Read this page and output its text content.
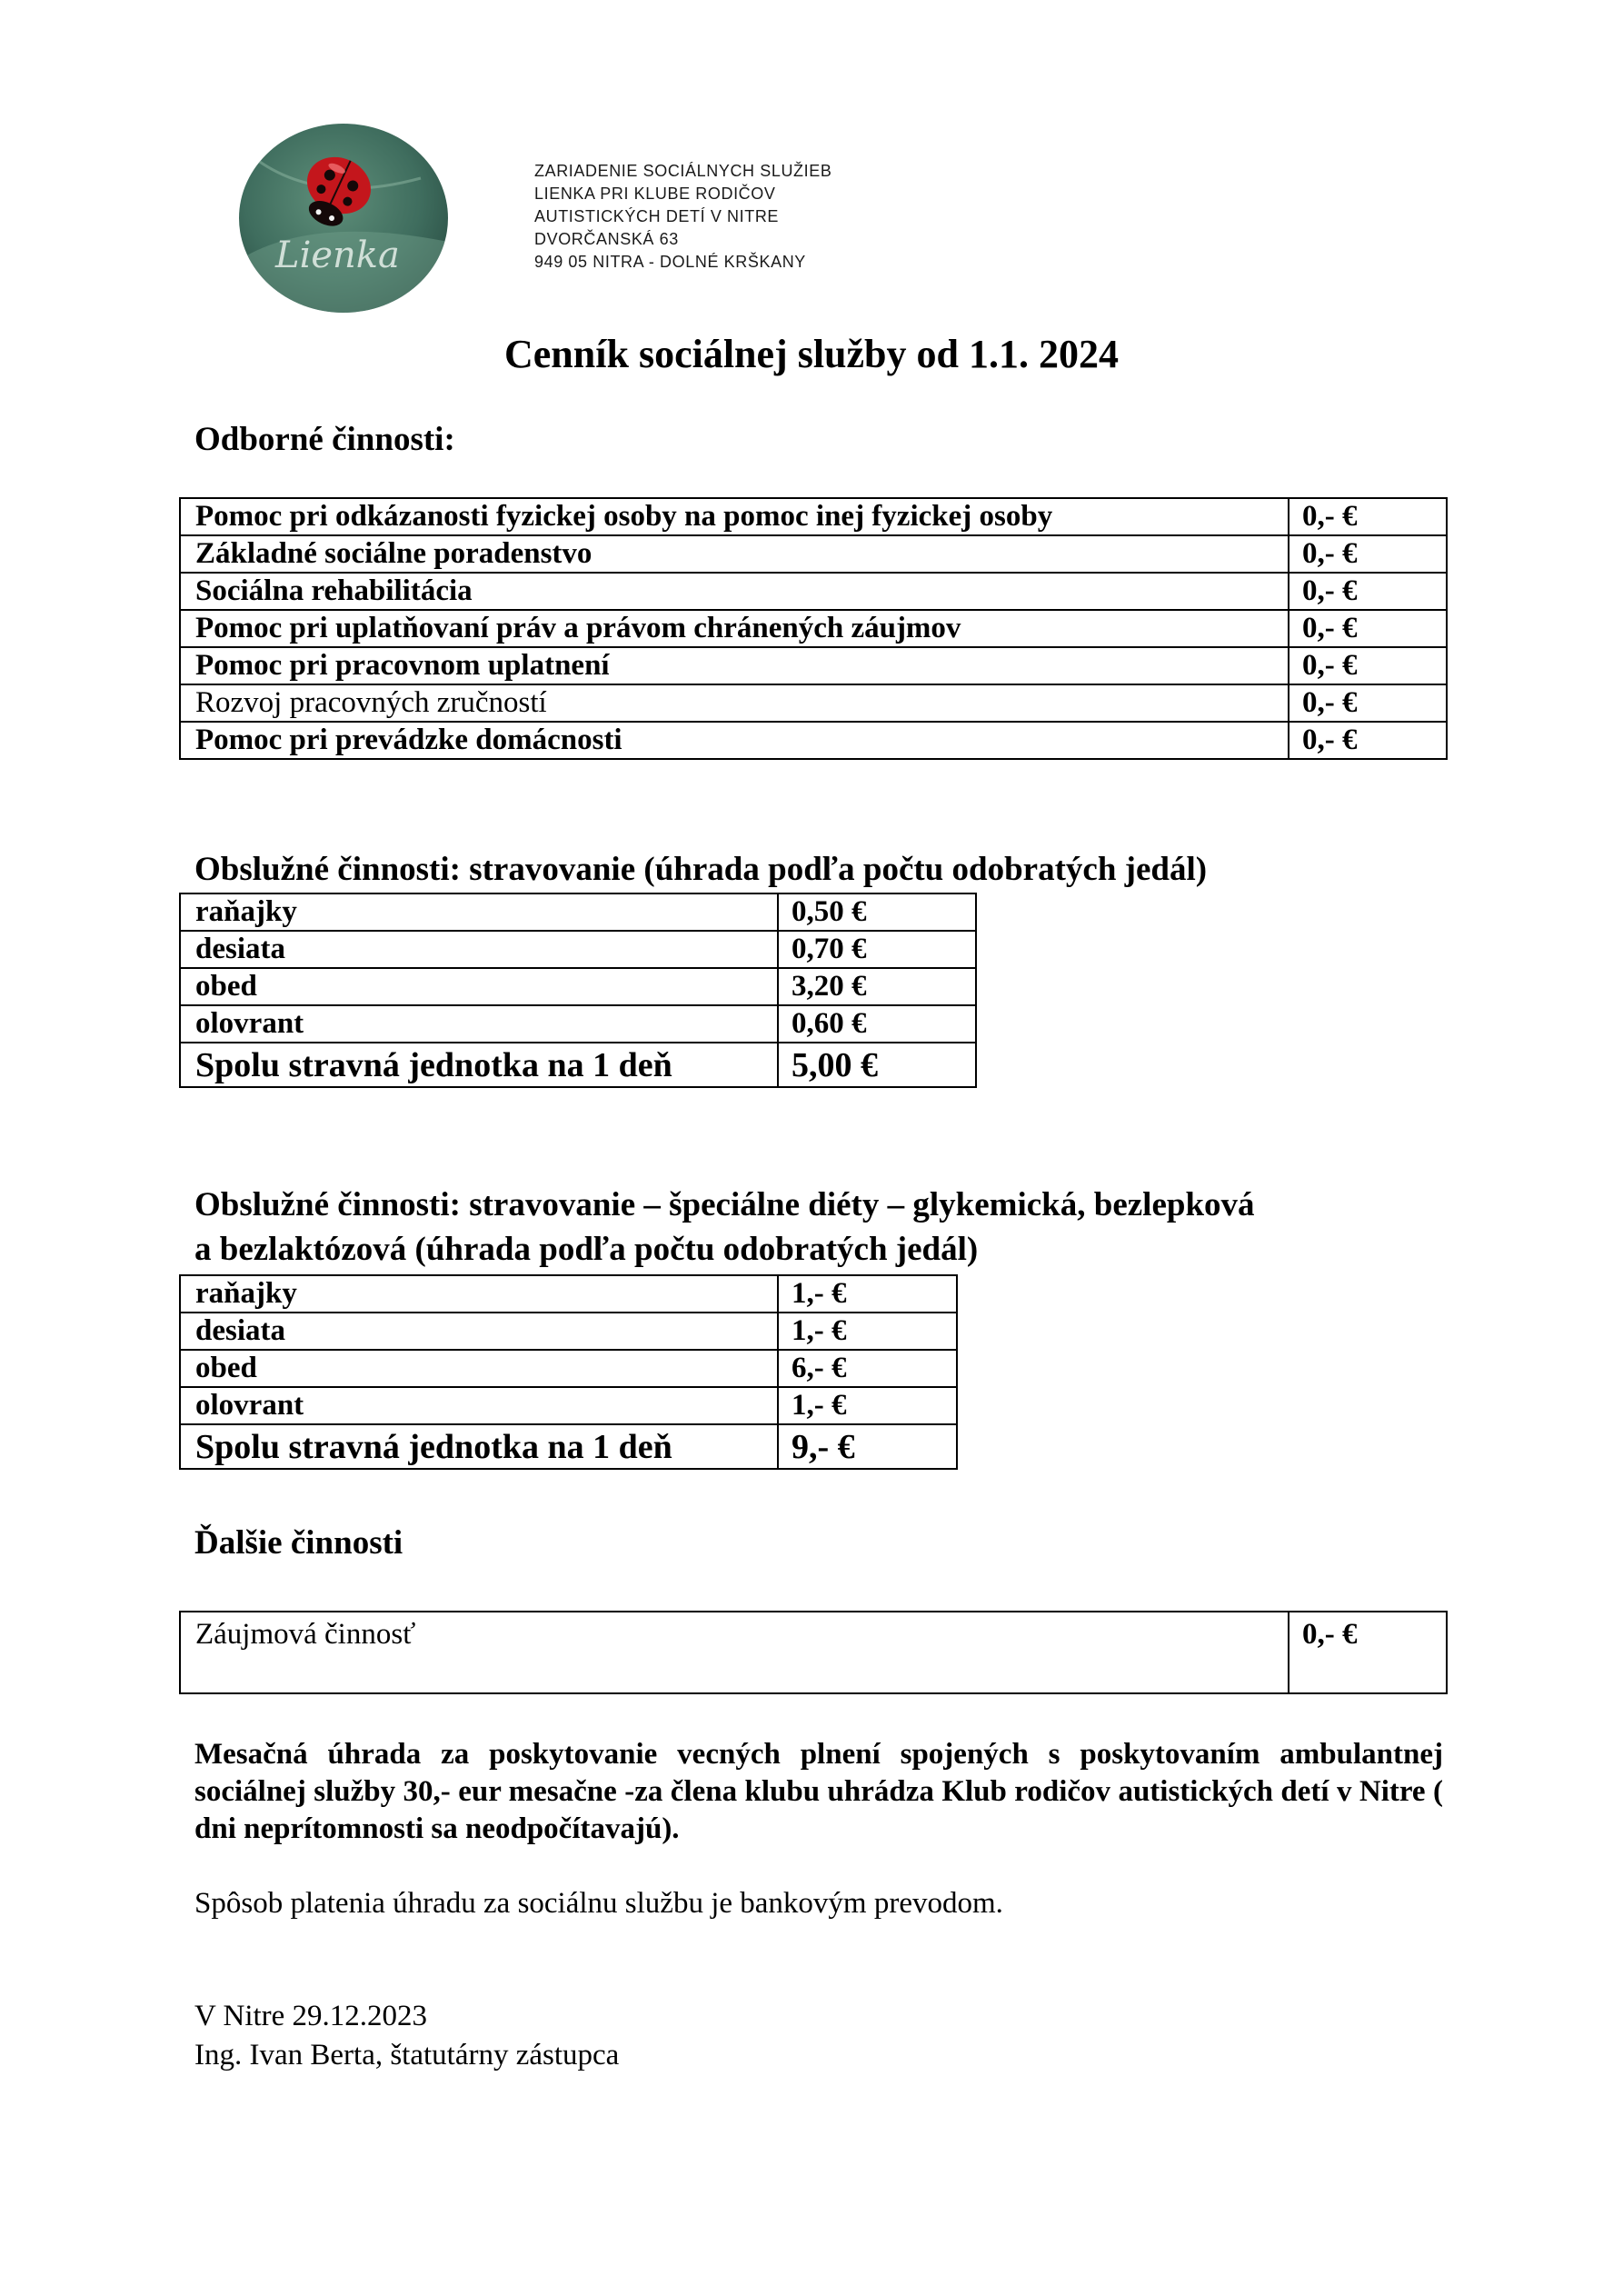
Lienka
ZARIADENIE SOCIÁLNYCH SLUŽIEB
LIENKA PRI KLUBE RODIČOV
AUTISTICKÝCH DETÍ V NITRE
DVORČANSKÁ 63
949 05 NITRA - DOLNÉ KRŠKANY
Cenník sociálnej služby od 1.1. 2024
Odborné činnosti:
Pomoc pri odkázanosti fyzickej osoby na pomoc inej fyzickej osoby	0,- €
Základné sociálne poradenstvo	0,- €
Sociálna rehabilitácia	0,- €
Pomoc pri uplatňovaní práv a právom chránených záujmov	0,- €
Pomoc pri pracovnom uplatnení	0,- €
Rozvoj pracovných zručností	0,- €
Pomoc pri prevádzke domácnosti	0,- €
Obslužné činnosti: stravovanie (úhrada podľa počtu odobratých jedál)
raňajky	0,50 €
desiata	0,70 €
obed	3,20 €
olovrant	0,60 €
Spolu stravná jednotka na 1 deň	5,00 €
Obslužné činnosti: stravovanie – špeciálne diéty – glykemická, bezlepková
a bezlaktózová (úhrada podľa počtu odobratých jedál)
raňajky	1,- €
desiata	1,- €
obed	6,- €
olovrant	1,- €
Spolu stravná jednotka na 1 deň	9,- €
Ďalšie činnosti
Záujmová činnosť	0,- €
Mesačná úhrada za poskytovanie vecných plnení spojených s poskytovaním ambulantnej sociálnej služby 30,- eur mesačne -za člena klubu uhrádza Klub rodičov autistických detí v Nitre ( dni neprítomnosti sa neodpočítavajú).
Spôsob platenia úhradu za sociálnu službu je bankovým prevodom.
V Nitre 29.12.2023
Ing. Ivan Berta, štatutárny zástupca
